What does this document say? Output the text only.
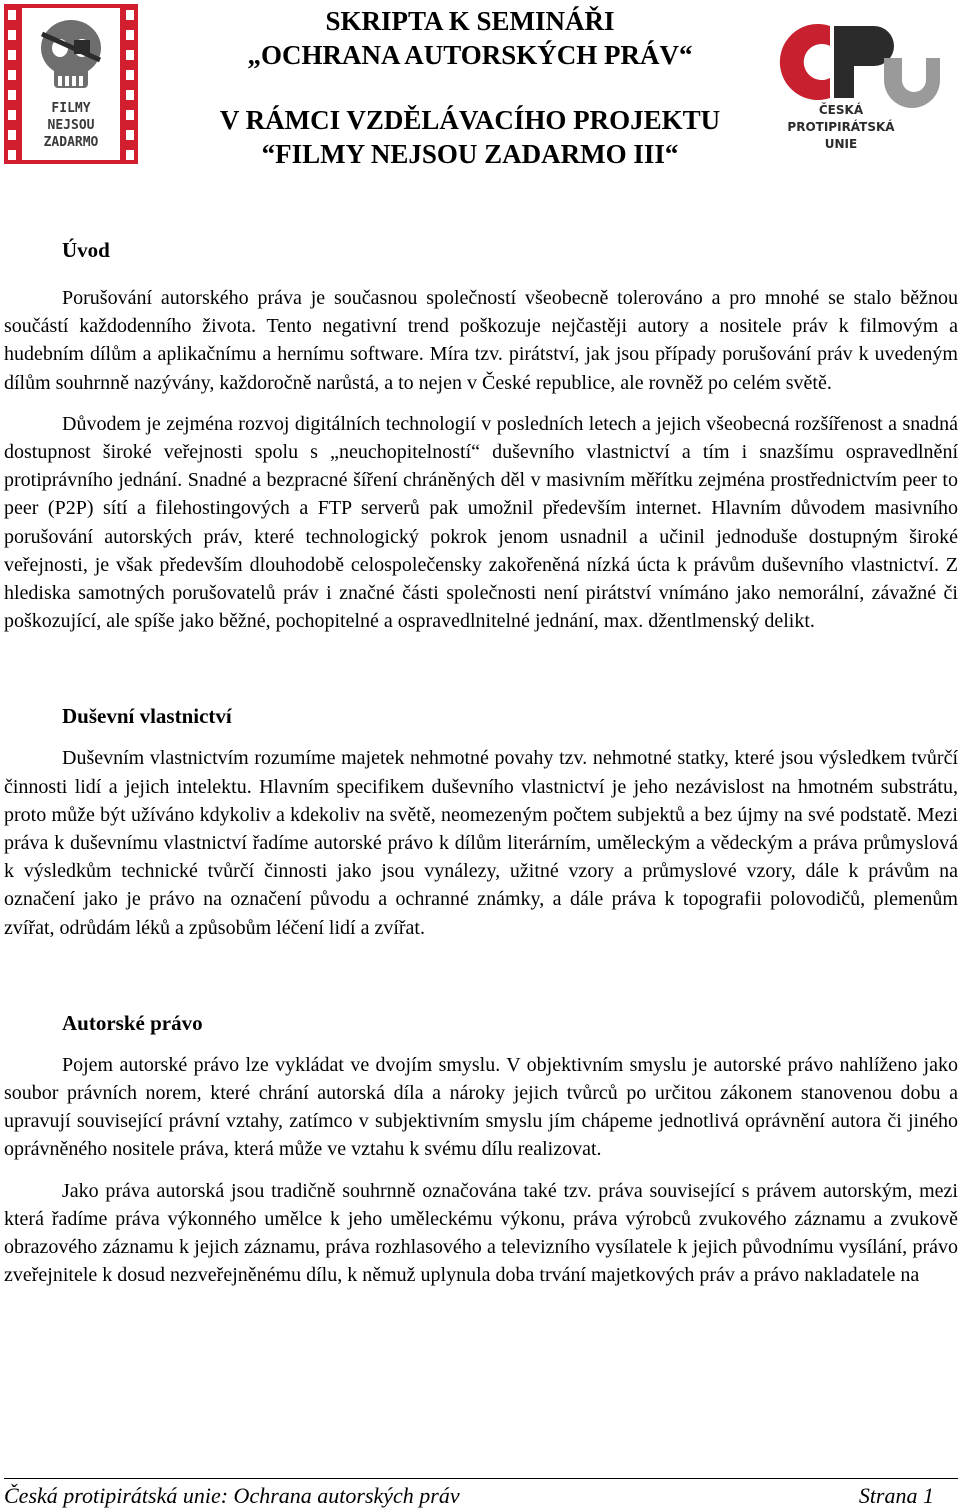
FILMY
NEJSOU
ZADARMO
SKRIPTA K SEMINÁŘI
„OCHRANA AUTORSKÝCH PRÁV“
V RÁMCI VZDĚLÁVACÍHO PROJEKTU
“FILMY NEJSOU ZADARMO III“
ČESKÁ
PROTIPIRÁTSKÁ
UNIE
Úvod

Porušování autorského práva je současnou společností všeobecně tolerováno a pro mnohé se stalo běžnou součástí každodenního života. Tento negativní trend poškozuje nejčastěji autory a nositele práv k filmovým a hudebním dílům a aplikačnímu a hernímu software. Míra tzv. pirátství, jak jsou případy porušování práv k uvedeným dílům souhrnně nazývány, každoročně narůstá, a to nejen v České republice, ale rovněž po celém světě.

Důvodem je zejména rozvoj digitálních technologií v posledních letech a jejich všeobecná rozšířenost a snadná dostupnost široké veřejnosti spolu s „neuchopitelností“ duševního vlastnictví a tím i snazšímu ospravedlnění protiprávního jednání. Snadné a bezpracné šíření chráněných děl v masivním měřítku zejména prostřednictvím peer to peer (P2P) sítí a filehostingových a FTP serverů pak umožnil především internet. Hlavním důvodem masivního porušování autorských práv, které technologický pokrok jenom usnadnil a učinil jednoduše dostupným široké veřejnosti, je však především dlouhodobě celospolečensky zakořeněná nízká úcta k právům duševního vlastnictví. Z hlediska samotných porušovatelů práv i značné části společnosti není pirátství vnímáno jako nemorální, závažné či poškozující, ale spíše jako běžné, pochopitelné a ospravedlnitelné jednání, max. džentlmenský delikt.

Duševní vlastnictví

Duševním vlastnictvím rozumíme majetek nehmotné povahy tzv. nehmotné statky, které jsou výsledkem tvůrčí činnosti lidí a jejich intelektu. Hlavním specifikem duševního vlastnictví je jeho nezávislost na hmotném substrátu, proto může být užíváno kdykoliv a kdekoliv na světě, neomezeným počtem subjektů a bez újmy na své podstatě. Mezi práva k duševnímu vlastnictví řadíme autorské právo k dílům literárním, uměleckým a vědeckým a práva průmyslová k výsledkům technické tvůrčí činnosti jako jsou vynálezy, užitné vzory a průmyslové vzory, dále k právům na označení jako je právo na označení původu a ochranné známky, a dále práva k topografii polovodičů, plemenům zvířat, odrůdám léků a způsobům léčení lidí a zvířat.

Autorské právo

Pojem autorské právo lze vykládat ve dvojím smyslu. V objektivním smyslu je autorské právo nahlíženo jako soubor právních norem, které chrání autorská díla a nároky jejich tvůrců po určitou zákonem stanovenou dobu a upravují související právní vztahy, zatímco v subjektivním smyslu jím chápeme jednotlivá oprávnění autora či jiného oprávněného nositele práva, která může ve vztahu k svému dílu realizovat.

Jako práva autorská jsou tradičně souhrnně označována také tzv. práva související s právem autorským, mezi která řadíme práva výkonného umělce k jeho uměleckému výkonu, práva výrobců zvukového záznamu a zvukově obrazového záznamu k jejich záznamu, práva rozhlasového a televizního vysílatele k jejich původnímu vysílání, právo zveřejnitele k dosud nezveřejněnému dílu, k němuž uplynula doba trvání majetkových práv a právo nakladatele na

Česká protipirátská unie: Ochrana autorských práv	Strana 1
